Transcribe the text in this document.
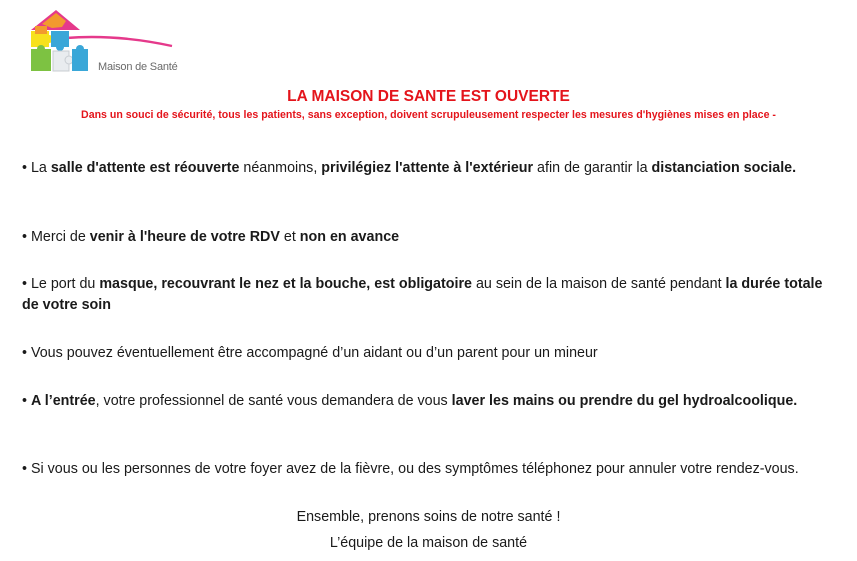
Maison de Santé
LA MAISON DE SANTE EST OUVERTE
Dans un souci de sécurité, tous les patients, sans exception, doivent scrupuleusement respecter les mesures d'hygiènes mises en place -
• La salle d'attente est réouverte néanmoins, privilégiez l'attente à l'extérieur afin de garantir la distanciation sociale.
• Merci de venir à l'heure de votre RDV et non en avance
• Le port du masque, recouvrant le nez et la bouche, est obligatoire au sein de la maison de santé pendant la durée totale de votre soin
• Vous pouvez éventuellement être accompagné d’un aidant ou d’un parent pour un mineur
• A l’entrée, votre professionnel de santé vous demandera de vous laver les mains ou prendre du gel hydroalcoolique.
• Si vous ou les personnes de votre foyer avez de la fièvre, ou des symptômes téléphonez pour annuler votre rendez-vous.
Ensemble, prenons soins de notre santé !
L’équipe de la maison de santé
